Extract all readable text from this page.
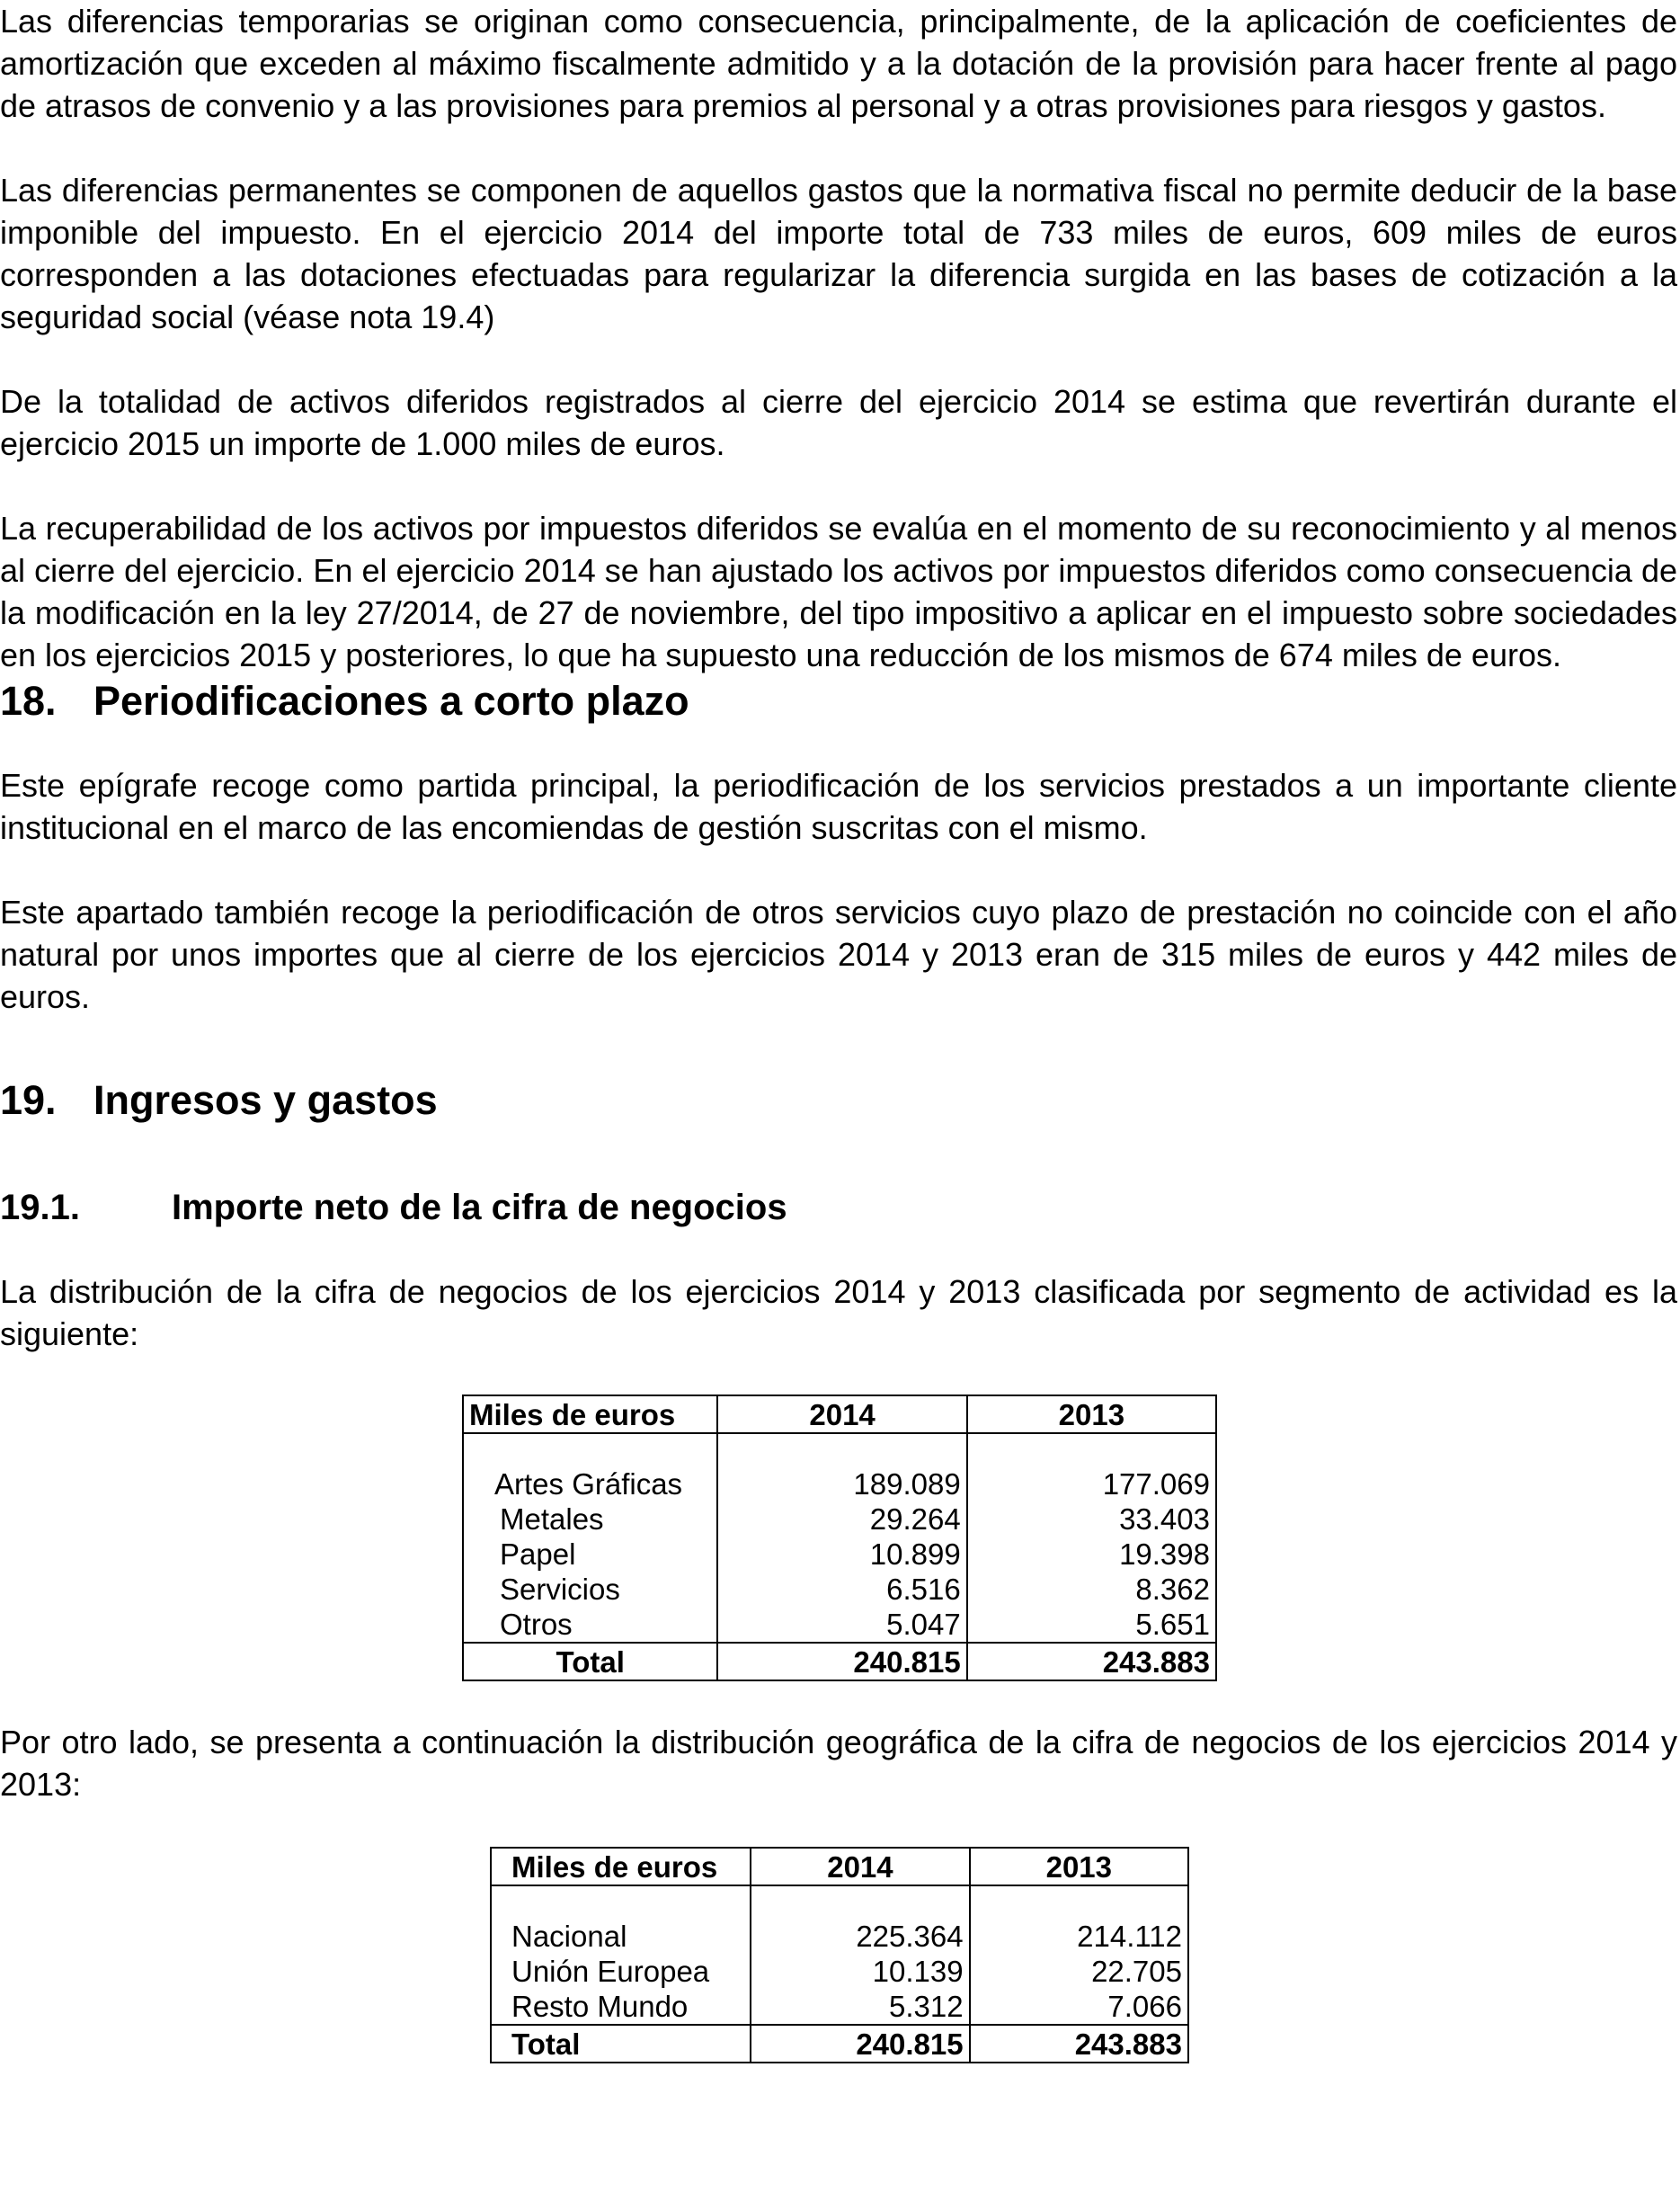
Las diferencias temporarias se originan como consecuencia, principalmente, de la aplicación de coeficientes de amortización que exceden al máximo fiscalmente admitido y a la dotación de la provisión para hacer frente al pago de atrasos de convenio y a las provisiones para premios al personal y a otras provisiones para riesgos y gastos.

Las diferencias permanentes se componen de aquellos gastos que la normativa fiscal no permite deducir de la base imponible del impuesto. En el ejercicio 2014 del importe total de 733 miles de euros, 609 miles de euros corresponden a las dotaciones efectuadas para regularizar la diferencia surgida en las bases de cotización a la seguridad social (véase nota 19.4)

De la totalidad de activos diferidos registrados al cierre del ejercicio 2014 se estima que revertirán durante el ejercicio 2015 un importe de 1.000 miles de euros.

La recuperabilidad de los activos por impuestos diferidos se evalúa en el momento de su reconocimiento y al menos al cierre del ejercicio. En el ejercicio 2014 se han ajustado los activos por impuestos diferidos como consecuencia de la modificación en la ley 27/2014, de 27 de noviembre, del tipo impositivo a aplicar en el impuesto sobre sociedades en los ejercicios 2015 y posteriores, lo que ha supuesto una reducción de los mismos de 674 miles de euros.

18. Periodificaciones a corto plazo

Este epígrafe recoge como partida principal, la periodificación de los servicios prestados a un importante cliente institucional en el marco de las encomiendas de gestión suscritas con el mismo.

Este apartado también recoge la periodificación de otros servicios cuyo plazo de prestación no coincide con el año natural por unos importes que al cierre de los ejercicios 2014 y 2013 eran de 315 miles de euros y 442 miles de euros.

19. Ingresos y gastos
19.1.	Importe neto de la cifra de negocios

La distribución de la cifra de negocios de los ejercicios 2014 y 2013 clasificada por segmento de actividad es la siguiente:

Miles de euros	2014	2013

Artes Gráficas	189.089	177.069
Metales	29.264	33.403
Papel	10.899	19.398
Servicios	6.516	8.362
Otros	5.047	5.651
Total	240.815	243.883

Por otro lado, se presenta a continuación la distribución geográfica de la cifra de negocios de los ejercicios 2014 y 2013:

Miles de euros	2014	2013

Nacional	225.364	214.112
Unión Europea	10.139	22.705
Resto Mundo	5.312	7.066
Total	240.815	243.883
